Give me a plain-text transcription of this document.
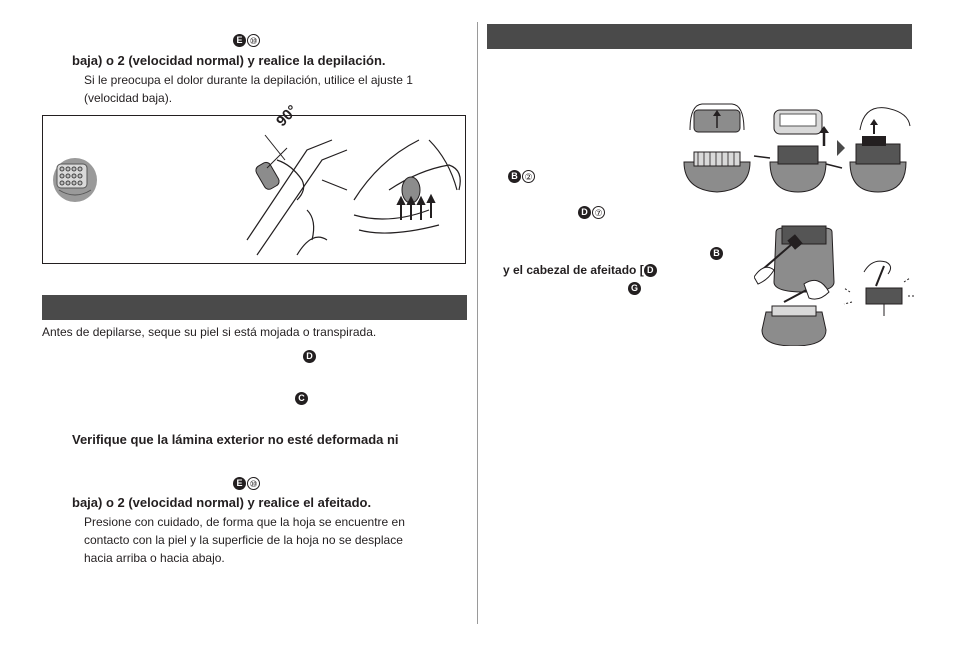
E ⑩
baja) o 2 (velocidad normal) y realice la depilación.
Si le preocupa el dolor durante la depilación, utilice el ajuste 1
(velocidad baja).
90°
Antes de depilarse, seque su piel si está mojada o transpirada.
D
C
Verifique que la lámina exterior no esté deformada ni
E ⑩
baja) o 2 (velocidad normal) y realice el afeitado.
Presione con cuidado, de forma que la hoja se encuentre en
contacto con la piel y la superficie de la hoja no se desplace
hacia arriba o hacia abajo.
B ②
D ⑦
B
y el cabezal de afeitado [ D
G
